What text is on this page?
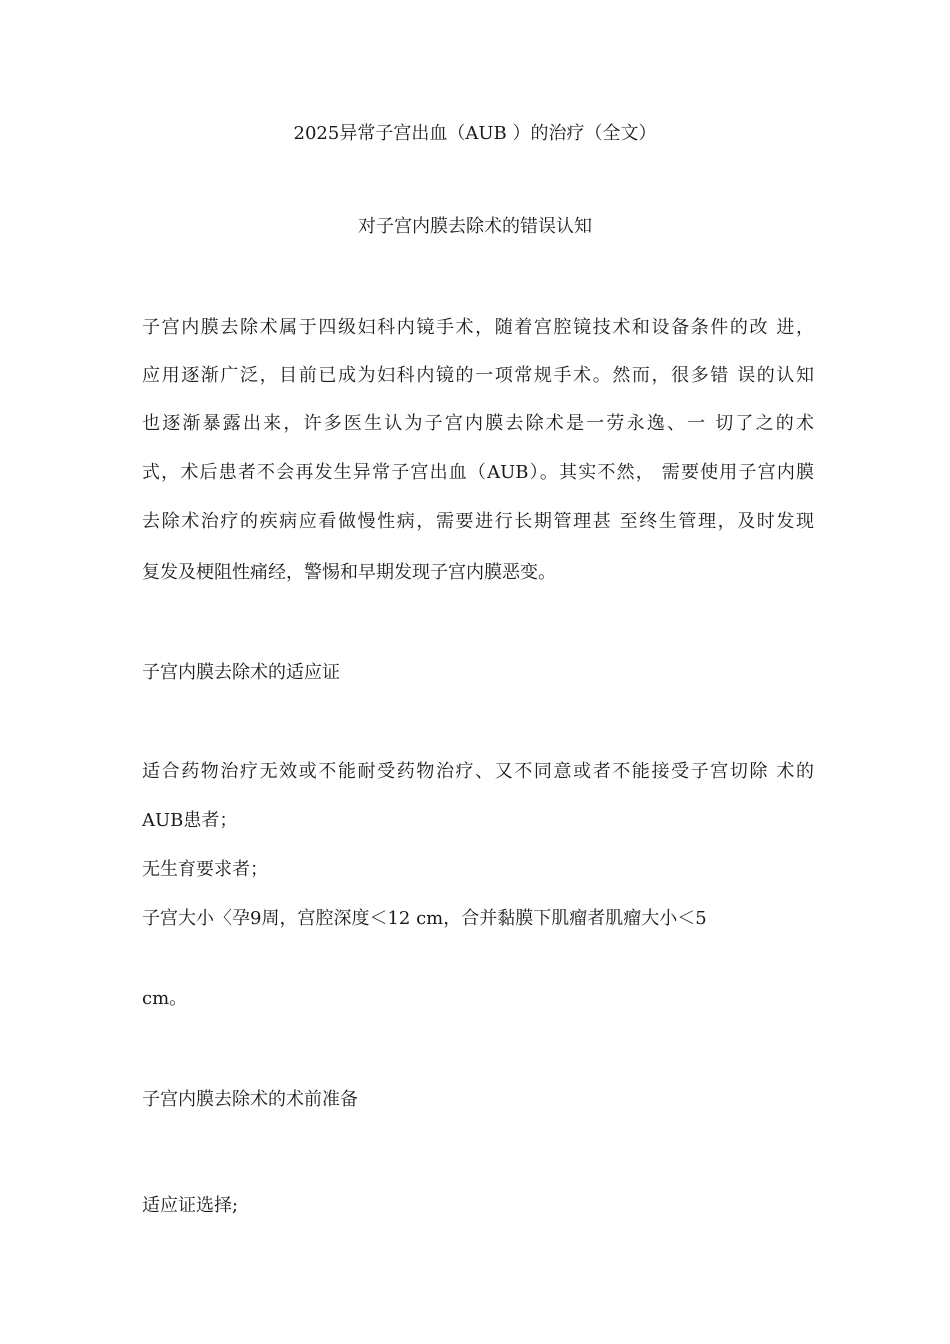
2025异常子宫出血（AUB ）的治疗（全文）
对子宫内膜去除术的错误认知
子宫内膜去除术属于四级妇科内镜手术，随着宫腔镜技术和设备条件的改 进，
应用逐渐广泛，目前已成为妇科内镜的一项常规手术。然而，很多错 误的认知
也逐渐暴露出来，许多医生认为子宫内膜去除术是一劳永逸、一 切了之的术
式，术后患者不会再发生异常子宫出血（AUB）。其实不然， 需要使用子宫内膜
去除术治疗的疾病应看做慢性病，需要进行长期管理甚 至终生管理，及时发现
复发及梗阻性痛经，警惕和早期发现子宫内膜恶变。
子宫内膜去除术的适应证
适合药物治疗无效或不能耐受药物治疗、又不同意或者不能接受子宫切除 术的
AUB患者；
无生育要求者；
子宫大小〈孕9周，宫腔深度＜12 cm，合并黏膜下肌瘤者肌瘤大小＜5
cm。
子宫内膜去除术的术前准备
适应证选择;
